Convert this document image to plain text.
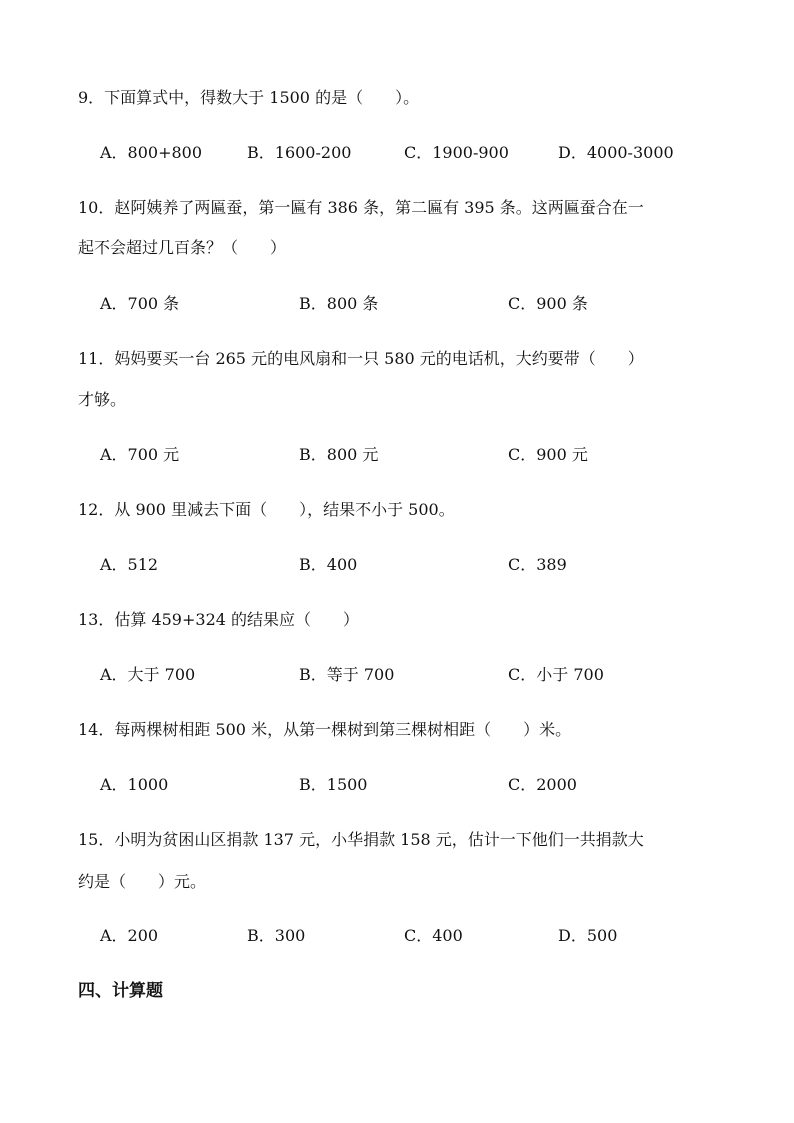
9．下面算式中，得数大于 1500 的是（　　）。
A．800+800	B．1600-200	C．1900-900	D．4000-3000
10．赵阿姨养了两匾蚕，第一匾有 386 条，第二匾有 395 条。这两匾蚕合在一
起不会超过几百条？（　　）
A．700 条	B．800 条	C．900 条
11．妈妈要买一台 265 元的电风扇和一只 580 元的电话机，大约要带（　　）
才够。
A．700 元	B．800 元	C．900 元
12．从 900 里减去下面（　　），结果不小于 500。
A．512	B．400	C．389
13．估算 459+324 的结果应（　　）
A．大于 700	B．等于 700	C．小于 700
14．每两棵树相距 500 米，从第一棵树到第三棵树相距（　　）米。
A．1000	B．1500	C．2000
15．小明为贫困山区捐款 137 元，小华捐款 158 元，估计一下他们一共捐款大
约是（　　）元。
A．200	B．300	C．400	D．500
四、计算题
